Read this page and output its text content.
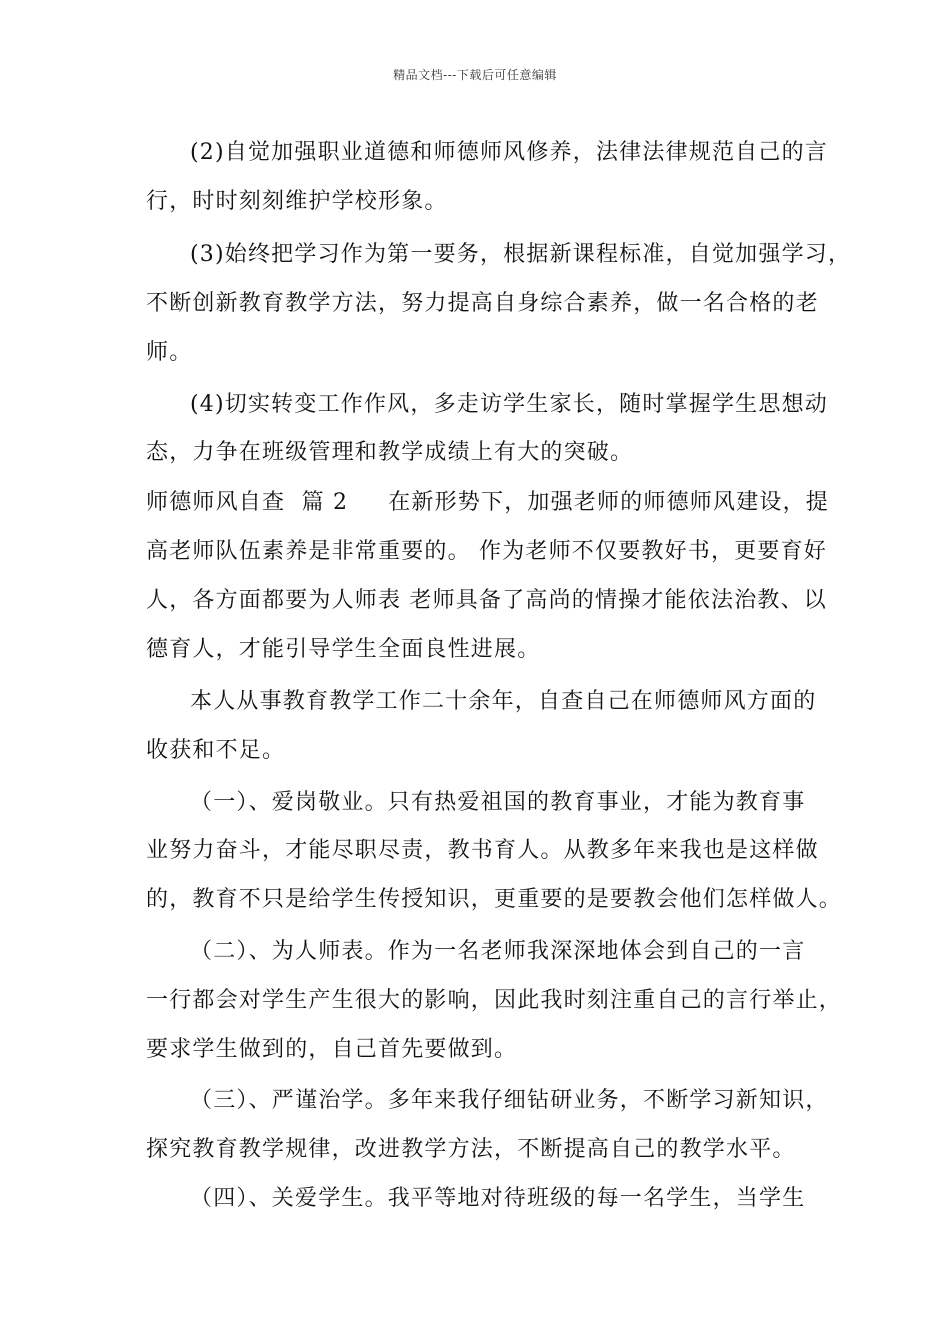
精品文档---下载后可任意编辑
(2)自觉加强职业道德和师德师风修养，法律法律规范自己的言
行，时时刻刻维护学校形象。
(3)始终把学习作为第一要务，根据新课程标准，自觉加强学习，
不断创新教育教学方法，努力提高自身综合素养，做一名合格的老
师。
(4)切实转变工作作风，多走访学生家长，随时掌握学生思想动
态，力争在班级管理和教学成绩上有大的突破。
师德师风自查 篇 2 在新形势下，加强老师的师德师风建设，提
高老师队伍素养是非常重要的。 作为老师不仅要教好书，更要育好
人，各方面都要为人师表 老师具备了高尚的情操才能依法治教、以
德育人，才能引导学生全面良性进展。
本人从事教育教学工作二十余年，自查自己在师德师风方面的
收获和不足。
（一）、爱岗敬业。只有热爱祖国的教育事业，才能为教育事
业努力奋斗，才能尽职尽责，教书育人。从教多年来我也是这样做
的，教育不只是给学生传授知识，更重要的是要教会他们怎样做人。
（二）、为人师表。作为一名老师我深深地体会到自己的一言
一行都会对学生产生很大的影响，因此我时刻注重自己的言行举止，
要求学生做到的，自己首先要做到。
（三）、严谨治学。多年来我仔细钻研业务，不断学习新知识，
探究教育教学规律，改进教学方法，不断提高自己的教学水平。
（四）、关爱学生。我平等地对待班级的每一名学生，当学生
